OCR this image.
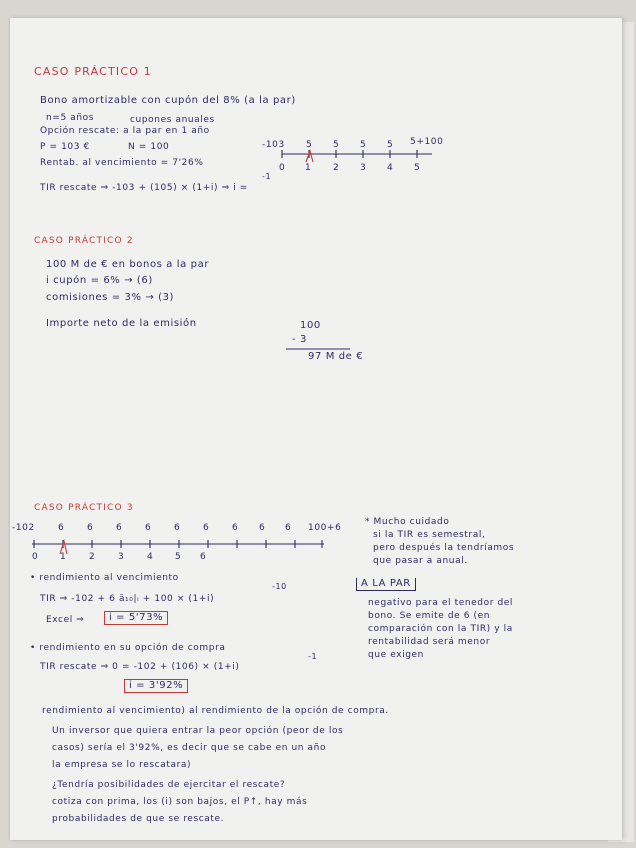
CASO PRÁCTICO 1
Bono amortizable con cupón del 8% (a la par)
n=5 años	cupones anuales
Opción rescate: a la par en 1 año
P = 103 €	N = 100
Rentab. al vencimiento = 7'26%
TIR rescate ⇒ -103 + (105) × (1+i) ⇒ i =
-1
-103 5 5 5 5 5+100
0 1 2 3 4 5
CASO PRÁCTICO 2
100 M de € en bonos a la par
i cupón = 6% → (6)
comisiones = 3% → (3)
Importe neto de la emisión	100
- 3
97 M de €
CASO PRÁCTICO 3
-102	6	6	6	6	6	6	6 6 6 100+6
0 1	2	3	4 5 6
* Mucho cuidado
si la TIR es semestral,
pero después la tendríamos
que pasar a anual.
A LA PAR
negativo para el tenedor del
bono. Se emite de 6 (en
comparación con la TIR) y la
rentabilidad será menor
que exigen
• rendimiento al vencimiento
TIR ⇒ -102 + 6 ā₁₀|ᵢ + 100 × (1+i)
-10
Excel ⇒	i = 5'73%
• rendimiento en su opción de compra
TIR rescate ⇒ 0 = -102 + (106) × (1+i)
-1
i = 3'92%
rendimiento al vencimiento) al rendimiento de la opción de compra.
Un inversor que quiera entrar la peor opción (peor de los
casos) sería el 3'92%, es decir que se cabe en un año
la empresa se lo rescatara)
¿Tendría posibilidades de ejercitar el rescate?
cotiza con prima, los (i) son bajos, el P↑, hay más
probabilidades de que se rescate.
